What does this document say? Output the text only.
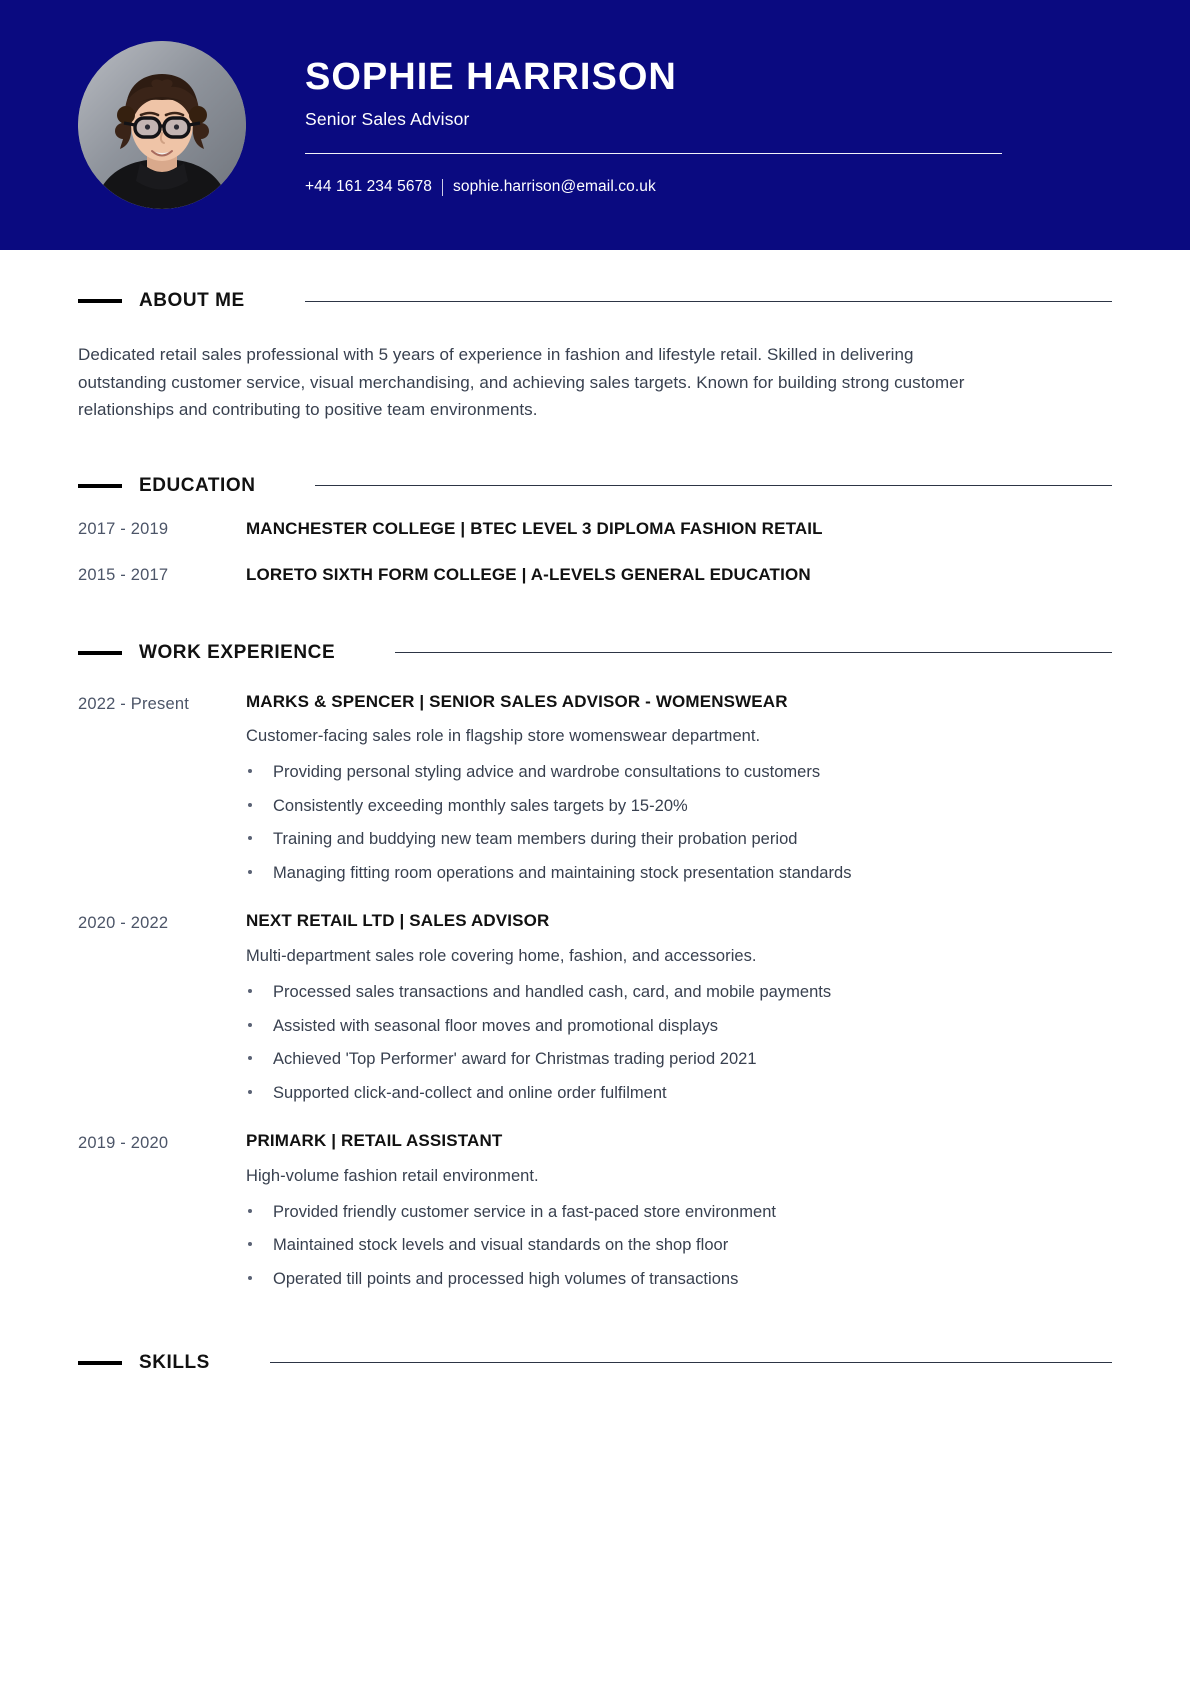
SOPHIE HARRISON
Senior Sales Advisor
+44 161 234 5678 sophie.harrison@email.co.uk
ABOUT ME

Dedicated retail sales professional with 5 years of experience in fashion and lifestyle retail. Skilled in delivering outstanding customer service, visual merchandising, and achieving sales targets. Known for building strong customer relationships and contributing to positive team environments.

EDUCATION
2017 - 2019	MANCHESTER COLLEGE | BTEC LEVEL 3 DIPLOMA FASHION RETAIL
2015 - 2017	LORETO SIXTH FORM COLLEGE | A-LEVELS GENERAL EDUCATION
WORK EXPERIENCE
2022 - Present	MARKS & SPENCER | SENIOR SALES ADVISOR - WOMENSWEAR
Customer-facing sales role in flagship store womenswear department.
Providing personal styling advice and wardrobe consultations to customers
Consistently exceeding monthly sales targets by 15-20%
Training and buddying new team members during their probation period
Managing fitting room operations and maintaining stock presentation standards
2020 - 2022	NEXT RETAIL LTD | SALES ADVISOR
Multi-department sales role covering home, fashion, and accessories.
Processed sales transactions and handled cash, card, and mobile payments
Assisted with seasonal floor moves and promotional displays
Achieved 'Top Performer' award for Christmas trading period 2021
Supported click-and-collect and online order fulfilment
2019 - 2020	PRIMARK | RETAIL ASSISTANT
High-volume fashion retail environment.
Provided friendly customer service in a fast-paced store environment
Maintained stock levels and visual standards on the shop floor
Operated till points and processed high volumes of transactions
SKILLS
